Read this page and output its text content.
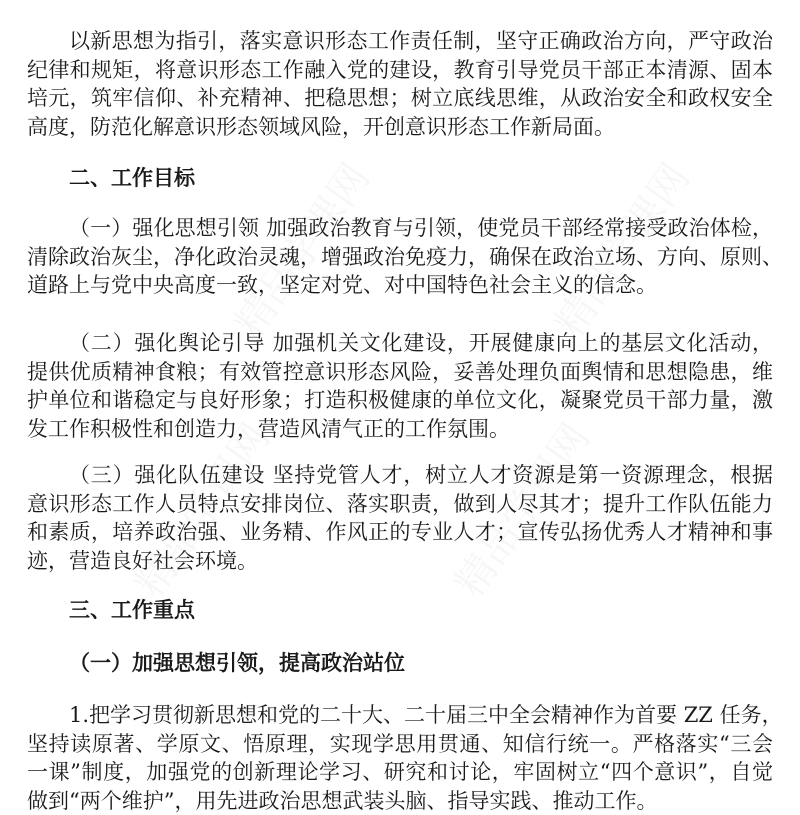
以新思想为指引，落实意识形态工作责任制，坚守正确政治方向，严守政治
纪律和规矩，将意识形态工作融入党的建设，教育引导党员干部正本清源、固本
培元，筑牢信仰、补充精神、把稳思想；树立底线思维，从政治安全和政权安全
高度，防范化解意识形态领域风险，开创意识形态工作新局面。
二、工作目标
（一）强化思想引领 加强政治教育与引领，使党员干部经常接受政治体检，
清除政治灰尘，净化政治灵魂，增强政治免疫力，确保在政治立场、方向、原则、
道路上与党中央高度一致，坚定对党、对中国特色社会主义的信念。
（二）强化舆论引导 加强机关文化建设，开展健康向上的基层文化活动，
提供优质精神食粮；有效管控意识形态风险，妥善处理负面舆情和思想隐患，维
护单位和谐稳定与良好形象；打造积极健康的单位文化，凝聚党员干部力量，激
发工作积极性和创造力，营造风清气正的工作氛围。
（三）强化队伍建设 坚持党管人才，树立人才资源是第一资源理念，根据
意识形态工作人员特点安排岗位、落实职责，做到人尽其才；提升工作队伍能力
和素质，培养政治强、业务精、作风正的专业人才；宣传弘扬优秀人才精神和事
迹，营造良好社会环境。
三、工作重点
（一）加强思想引领，提高政治站位
1.把学习贯彻新思想和党的二十大、二十届三中全会精神作为首要 ZZ 任务，
坚持读原著、学原文、悟原理，实现学思用贯通、知信行统一。严格落实“三会
一课”制度，加强党的创新理论学习、研究和讨论，牢固树立“四个意识”，自觉
做到“两个维护”，用先进政治思想武装头脑、指导实践、推动工作。
